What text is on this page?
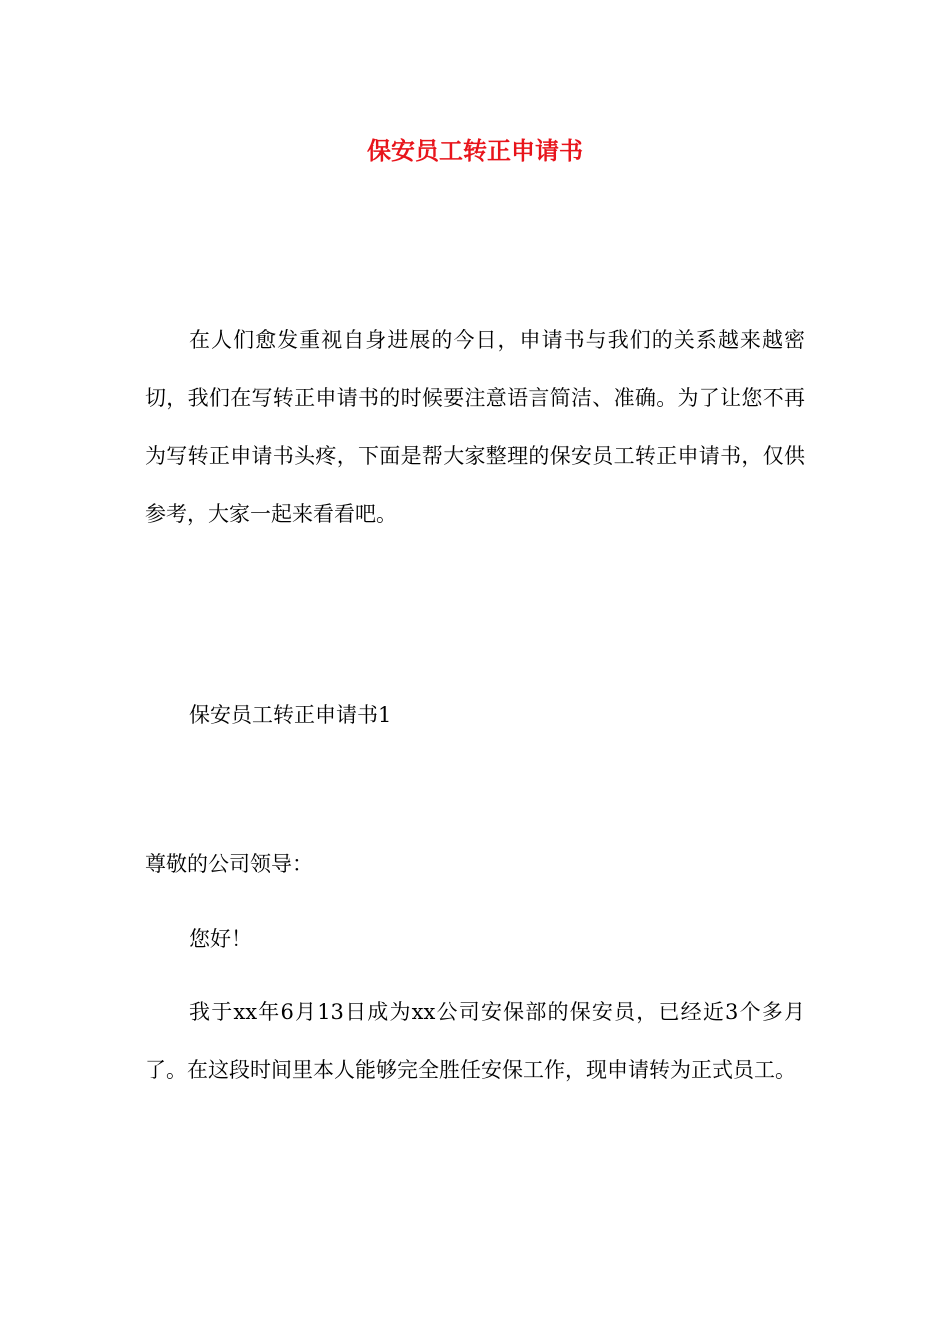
保安员工转正申请书

在人们愈发重视自身进展的今日，申请书与我们的关系越来越密切，我们在写转正申请书的时候要注意语言简洁、准确。为了让您不再为写转正申请书头疼，下面是帮大家整理的保安员工转正申请书，仅供参考，大家一起来看看吧。

保安员工转正申请书1

尊敬的公司领导：

您好！

我于xx年6月13日成为xx公司安保部的保安员，已经近3个多月了。在这段时间里本人能够完全胜任安保工作，现申请转为正式员工。
